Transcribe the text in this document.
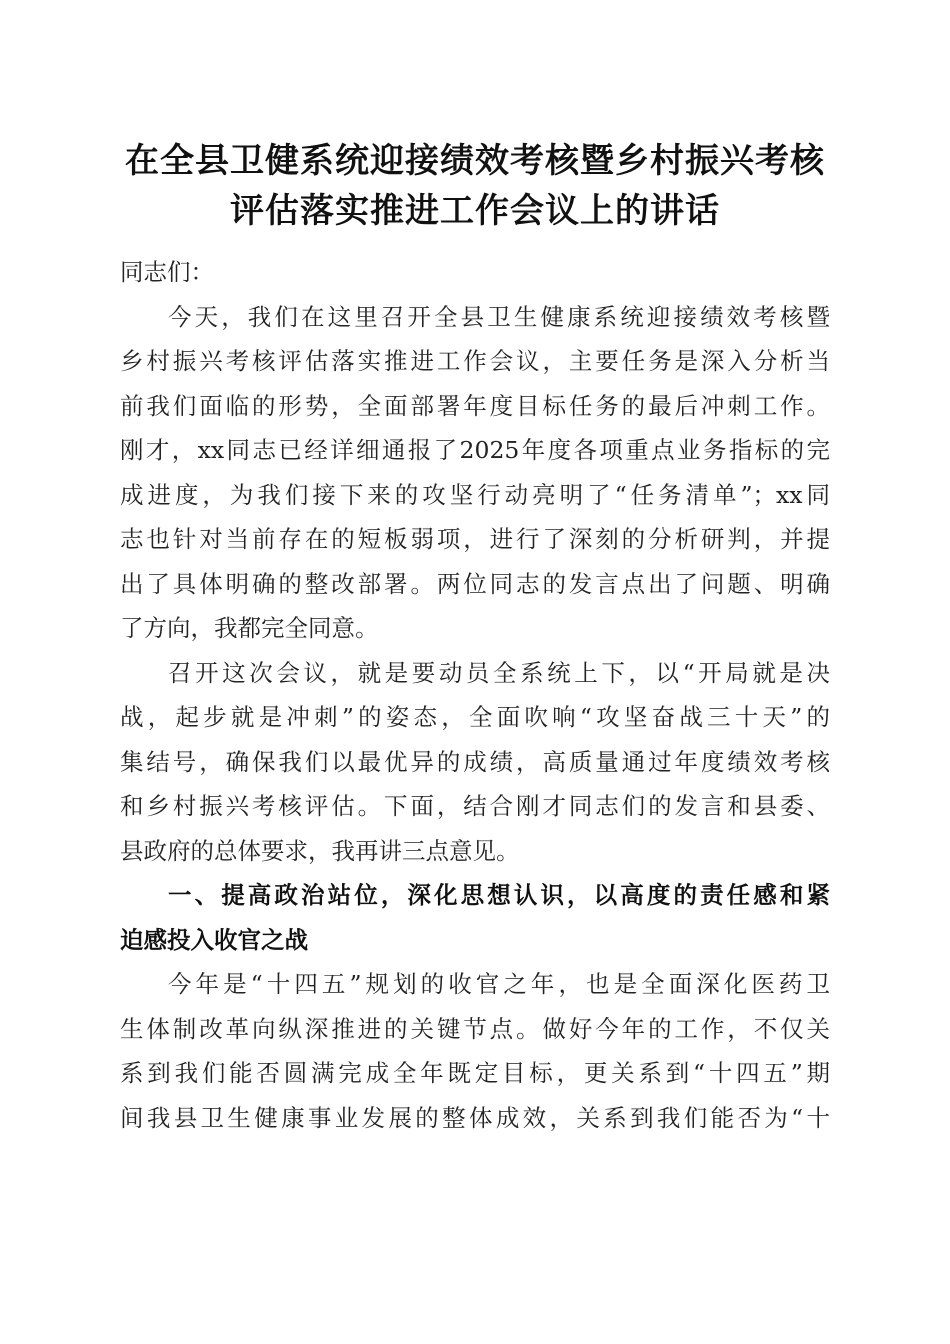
在全县卫健系统迎接绩效考核暨乡村振兴考核
评估落实推进工作会议上的讲话
同志们：
今天，我们在这里召开全县卫生健康系统迎接绩效考核暨
乡村振兴考核评估落实推进工作会议，主要任务是深入分析当
前我们面临的形势，全面部署年度目标任务的最后冲刺工作。
刚才，xx同志已经详细通报了2025年度各项重点业务指标的完
成进度，为我们接下来的攻坚行动亮明了“任务清单”；xx同
志也针对当前存在的短板弱项，进行了深刻的分析研判，并提
出了具体明确的整改部署。两位同志的发言点出了问题、明确
了方向，我都完全同意。
召开这次会议，就是要动员全系统上下，以“开局就是决
战，起步就是冲刺”的姿态，全面吹响“攻坚奋战三十天”的
集结号，确保我们以最优异的成绩，高质量通过年度绩效考核
和乡村振兴考核评估。下面，结合刚才同志们的发言和县委、
县政府的总体要求，我再讲三点意见。
一、提高政治站位，深化思想认识，以高度的责任感和紧
迫感投入收官之战
今年是“十四五”规划的收官之年，也是全面深化医药卫
生体制改革向纵深推进的关键节点。做好今年的工作，不仅关
系到我们能否圆满完成全年既定目标，更关系到“十四五”期
间我县卫生健康事业发展的整体成效，关系到我们能否为“十
